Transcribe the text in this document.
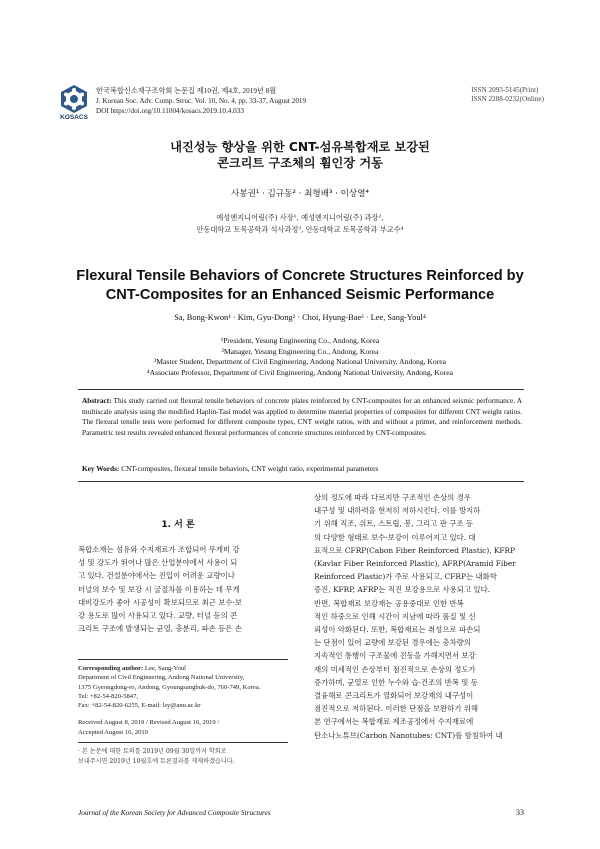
KOSACS
한국복합신소재구조학회 논문집 제10권, 제4호, 2019년 8월
J. Korean Soc. Adv. Comp. Struc. Vol. 10, No. 4, pp. 33-37, August 2019
DOI https://doi.org/10.11004/kosacs.2019.10.4.033
ISSN 2093-5145(Print)
ISSN 2288-0232(Online)
내진성능 향상을 위한 CNT-섬유복합재로 보강된
콘크리트 구조체의 휨인장 거동
사봉권¹ · 김규동² · 최형배³ · 이상열⁴
예성엔지니어링(주) 사장¹, 예성엔지니어링(주) 과장²,
안동대학교 토목공학과 석사과정³, 안동대학교 토목공학과 부교수⁴
Flexural Tensile Behaviors of Concrete Structures Reinforced by
CNT-Composites for an Enhanced Seismic Performance
Sa, Bong-Kwon¹ · Kim, Gyu-Dong² · Choi, Hyung-Bae³ · Lee, Sang-Youl⁴
¹President, Yesung Engineering Co., Andong, Korea
²Manager, Yesung Engineering Co., Andong, Korea
³Master Student, Department of Civil Engineering, Andong National University, Andong, Korea
⁴Associate Professor, Department of Civil Engineering, Andong National University, Andong, Korea
Abstract: This study carried out flexural tensile behaviors of concrete plates reinforced by CNT-composites for an enhanced seismic performance. A multiscale analysis using the modified Haplin-Tasi model was applied to determine material properties of composites for different CNT weight ratios. The flexural tensile tests were performed for different composite types, CNT weight ratios, with and without a primer, and reinforcement methods. Parametric test results revealed enhanced flexural performances of concrete structures reinforced by CNT-composites.
Key Words: CNT-composites, flexural tensile behaviors, CNT weight ratio, experimental parameters
1. 서 론
복합소재는 섬유와 수지재료가 조합되어 무게비 강
성 및 강도가 뛰어나 많은 산업분야에서 사용이 되
고 있다. 건설분야에서는 진입이 어려운 교량이나
터널의 보수 및 보강 시 굴절차를 이용하는 데 무게
대비강도가 좋아 시공성이 확보되므로 최근 보수·보
강 용도로 많이 사용되고 있다. 교량, 터널 등의 콘
크리트 구조에 발생되는 균열, 충분리, 파손 등은 손
Corresponding author: Lee, Sang-Youl
Department of Civil Engineering, Andong National University,
1375 Gyeongdong-ro, Andong, Gyoungsangbuk-do, 760-749, Korea.
Tel: +82-54-820-5847,
Fax: +82-54-820-6255, E-mail: lsy@anu.ac.kr
Received August 8, 2019 / Revised August 16, 2019 /
Accepted August 16, 2019
· 본 논문에 대한 토의를 2019년 09월 30일까지 학회로
보내주시면 2019년 10월호에 토론결과를 게재하겠습니다.
상의 정도에 따라 다르지만 구조적인 손상의 경우
내구성 및 내하력을 현저히 저하시킨다. 이를 방지하
기 위해 직조, 쉬트, 스트립, 봉, 그리고 판 구조 등
의 다양한 형태로 보수·보강이 이루어지고 있다. 대
표적으로 CFRP(Cabon Fiber Reinforced Plastic), KFRP
(Kavlar Fiber Reinforced Plastic), AFRP(Aramid Fiber
Reinforced Plastic)가 주로 사용되고, CFRP는 내화학
증진, KFRP, AFRP는 직진 보강용으로 사용되고 있다.
반면, 복합재료 보강재는 공용중대로 인한 반복
적인 하중으로 인해 시간이 지남에 따라 품질 및 신
뢰성이 악화된다. 또한, 복합재료는 취성으로 파손되
는 단점이 있어 교량에 보강된 경우에는 충차량의
지속적인 통행이 구조물에 진동을 가해지면서 보강
재의 미세적인 손상부터 점진적으로 손상의 정도가
증가하며, 균열로 인한 누수와 습·건조의 반복 및 동
결융해로 콘크리트가 열화되어 보강재의 내구성이
점진적으로 저하된다. 이러한 단점을 보완하기 위해
본 연구에서는 복합재료 제조공정에서 수지재료에
탄소나노튜브(Carbon Nanotubes: CNT)를 함침하여 내
Journal of the Korean Society for Advanced Composite Structures	33
